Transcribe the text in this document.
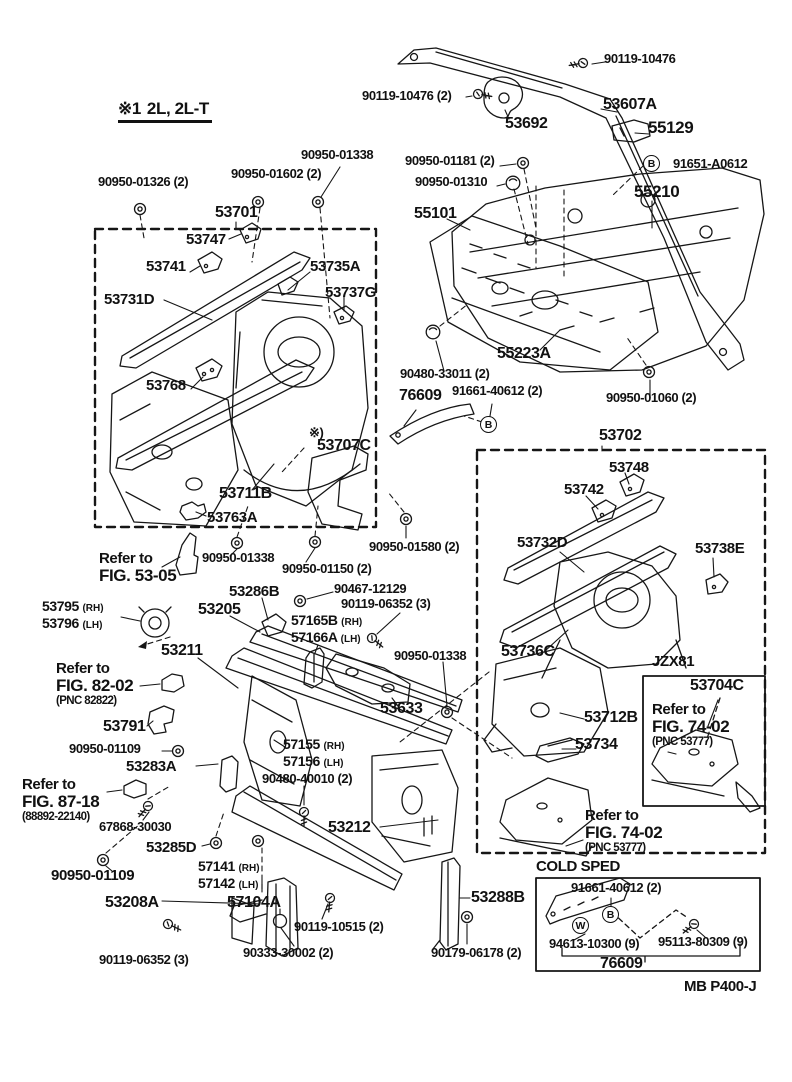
※1 2L, 2L-T
90119-10476
90119-10476 (2)
53692
53607A
55129
90950-01338 90950-01181 (2)	91651-A0612
90950-01602 (2)
90950-01310
55210
90950-01326 (2)
53701	55101
53747
53741	53735A
53731D	53737G
55223A
90480-33011 (2)
76609 91661-40612 (2)	90950-01060 (2)
53768
※)
53707C
53702
53711B
53748
53763A
53742
90950-01580 (2)
90950-01338
90950-01150 (2)
53732D	53738E
53286B
53205
90467-12129
90119-06352 (3)
53211	90950-01338 53736C
JZX81
53704C
53633
53791
90950-01109
53283A
53712B
53734
90480-40010 (2)
67868-30030
53285D
53212
90950-01109
53208A	57104A
COLD SPED
91661-40612 (2)
53288B
90119-10515 (2)
94613-10300 (9) 95113-80309 (9)
90333-30002 (2)	90179-06178 (2)
76609
90119-06352 (3)
MB P400-J
53795 (RH)
53796 (LH)	57165B (RH)
57166A (LH)
57155 (RH)
57156 (LH)
57141 (RH)
57142 (LH)
Refer to
FIG. 53-05
Refer to
FIG. 82-02
(PNC 82822)
Refer to
FIG. 87-18
(88892-22140)
Refer to
FIG. 74-02
(PNC 53777)
Refer to
FIG. 74-02
(PNC 53777)
B
B
B
W
